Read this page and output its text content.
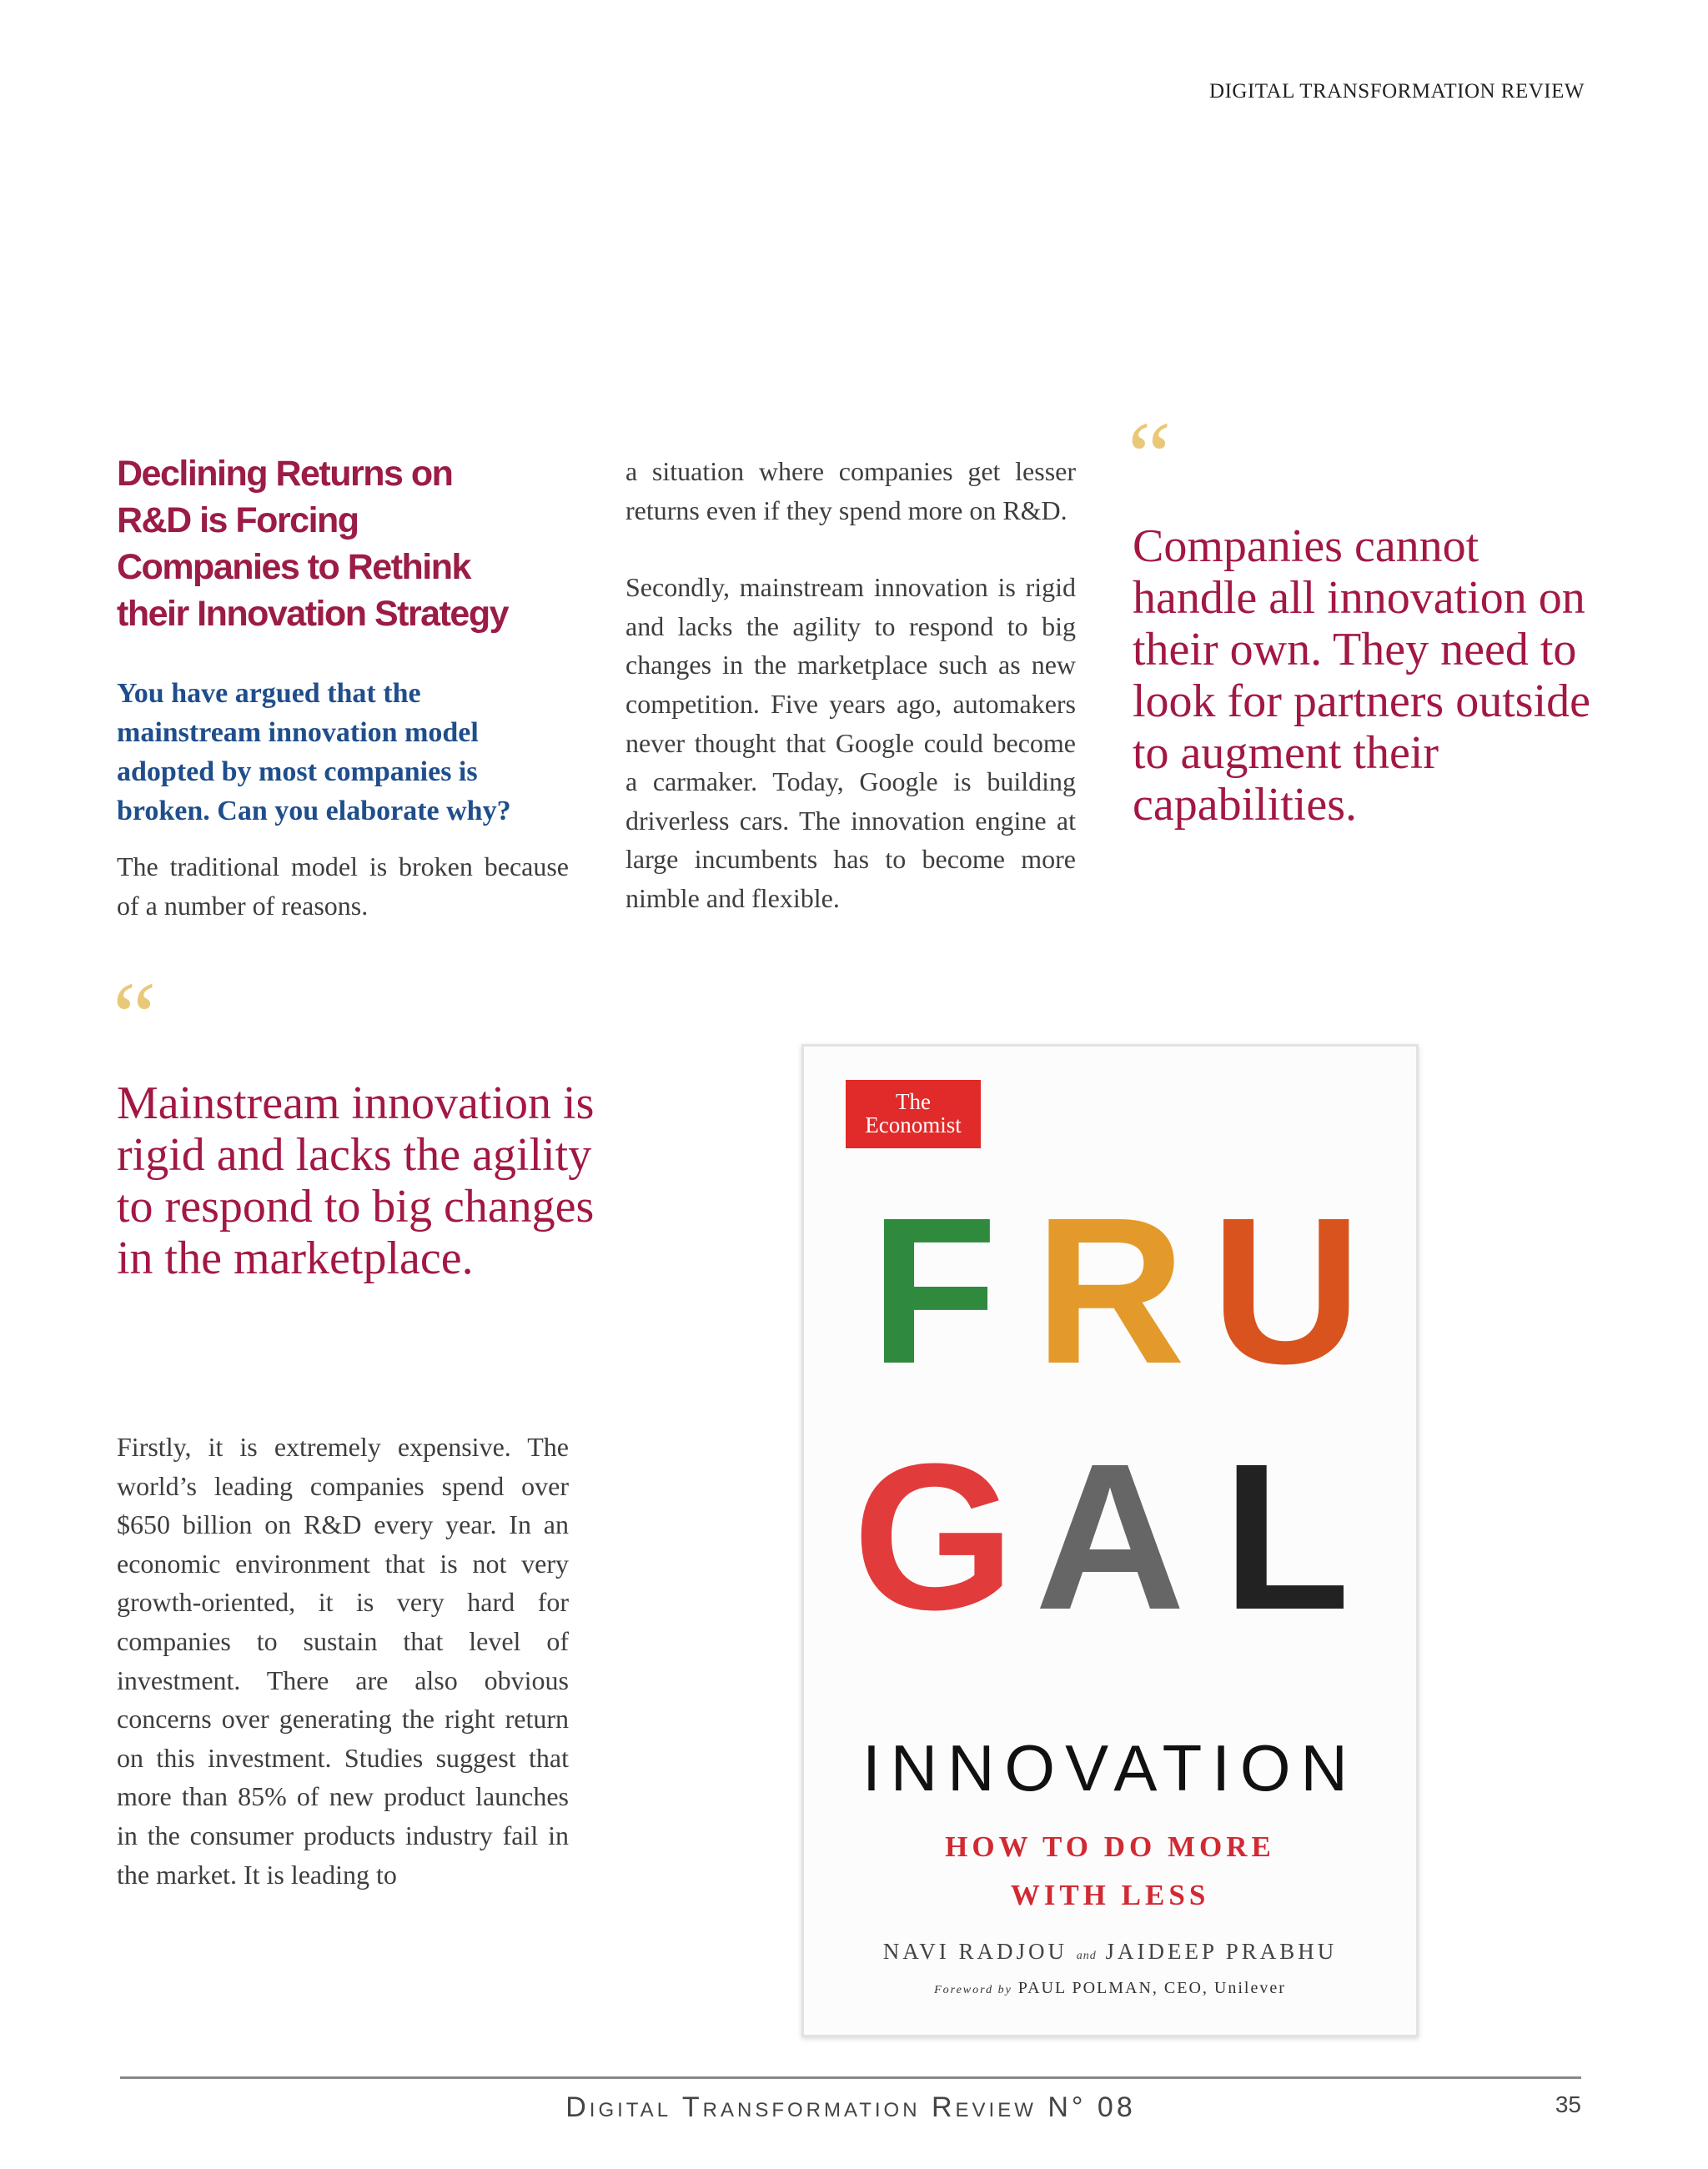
DIGITAL TRANSFORMATION REVIEW
Declining Returns on R&D is Forcing Companies to Rethink their Innovation Strategy

You have argued that the mainstream innovation model adopted by most companies is broken. Can you elaborate why?

The traditional model is broken because of a number of reasons.

“

Mainstream innovation is rigid and lacks the agility to respond to big changes in the marketplace.

Firstly, it is extremely expensive. The world’s leading companies spend over $650 billion on R&D every year. In an economic environment that is not very growth-oriented, it is very hard for companies to sustain that level of investment. There are also obvious concerns over generating the right return on this investment. Studies suggest that more than 85% of new product launches in the consumer products industry fail in the market. It is leading to

a situation where companies get lesser returns even if they spend more on R&D.

Secondly, mainstream innovation is rigid and lacks the agility to respond to big changes in the marketplace such as new competition. Five years ago, automakers never thought that Google could become a carmaker. Today, Google is building driverless cars. The innovation engine at large incumbents has to become more nimble and flexible.

“

Companies cannot handle all innovation on their own. They need to look for partners outside to augment their capabilities.

The Economist
F R U
G A L
INNOVATION
HOW TO DO MORE
WITH LESS
NAVI RADJOU and JAIDEEP PRABHU
Foreword by PAUL POLMAN, CEO, Unilever
Digital Transformation Review N° 08	35
